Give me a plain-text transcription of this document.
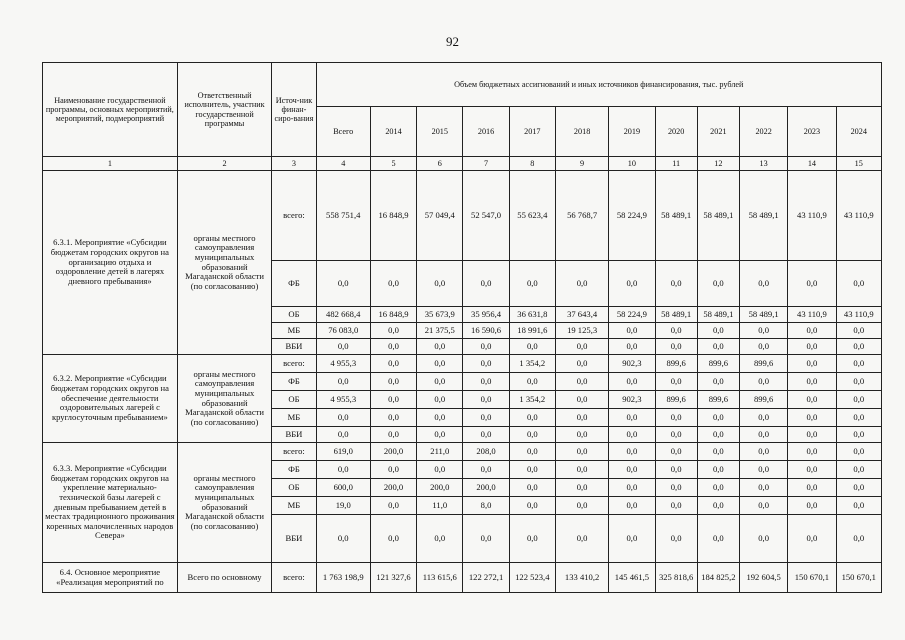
92
Наименование государственной программы, основных мероприятий, мероприятий, подмероприятий	Ответственный исполнитель, участник государственной программы	Источ-ник финан-сиро-вания	Объем бюджетных ассигнований и иных источников финансирования, тыс. рублей											
			Всего	2014	2015	2016	2017	2018	2019	2020	2021	2022	2023	2024
1	2	3	4	5	6	7	8	9	10	11	12	13	14	15
6.3.1. Мероприятие «Субсидии бюджетам городских округов на организацию отдыха и оздоровление детей в лагерях дневного пребывания»	органы местного самоуправления муниципальных образований Магаданской области (по согласованию)	всего:	558 751,4	16 848,9	57 049,4	52 547,0	55 623,4	56 768,7	58 224,9	58 489,1	58 489,1	58 489,1	43 110,9	43 110,9
		ФБ	0,0	0,0	0,0	0,0	0,0	0,0	0,0	0,0	0,0	0,0	0,0	0,0
		ОБ	482 668,4	16 848,9	35 673,9	35 956,4	36 631,8	37 643,4	58 224,9	58 489,1	58 489,1	58 489,1	43 110,9	43 110,9
		МБ	76 083,0	0,0	21 375,5	16 590,6	18 991,6	19 125,3	0,0	0,0	0,0	0,0	0,0	0,0
		ВБИ	0,0	0,0	0,0	0,0	0,0	0,0	0,0	0,0	0,0	0,0	0,0	0,0
6.3.2. Мероприятие «Субсидии бюджетам городских округов на обеспечение деятельности оздоровительных лагерей с круглосуточным пребыванием»	органы местного самоуправления муниципальных образований Магаданской области (по согласованию)	всего:	4 955,3	0,0	0,0	0,0	1 354,2	0,0	902,3	899,6	899,6	899,6	0,0	0,0
		ФБ	0,0	0,0	0,0	0,0	0,0	0,0	0,0	0,0	0,0	0,0	0,0	0,0
		ОБ	4 955,3	0,0	0,0	0,0	1 354,2	0,0	902,3	899,6	899,6	899,6	0,0	0,0
		МБ	0,0	0,0	0,0	0,0	0,0	0,0	0,0	0,0	0,0	0,0	0,0	0,0
		ВБИ	0,0	0,0	0,0	0,0	0,0	0,0	0,0	0,0	0,0	0,0	0,0	0,0
6.3.3. Мероприятие «Субсидии бюджетам городских округов на укрепление материально-технической базы лагерей с дневным пребыванием детей в местах традиционного проживания коренных малочисленных народов Севера»	органы местного самоуправления муниципальных образований Магаданской области (по согласованию)	всего:	619,0	200,0	211,0	208,0	0,0	0,0	0,0	0,0	0,0	0,0	0,0	0,0
		ФБ	0,0	0,0	0,0	0,0	0,0	0,0	0,0	0,0	0,0	0,0	0,0	0,0
		ОБ	600,0	200,0	200,0	200,0	0,0	0,0	0,0	0,0	0,0	0,0	0,0	0,0
		МБ	19,0	0,0	11,0	8,0	0,0	0,0	0,0	0,0	0,0	0,0	0,0	0,0
		ВБИ	0,0	0,0	0,0	0,0	0,0	0,0	0,0	0,0	0,0	0,0	0,0	0,0
6.4. Основное мероприятие «Реализация мероприятий по	Всего по основному	всего:	1 763 198,9	121 327,6	113 615,6	122 272,1	122 523,4	133 410,2	145 461,5	325 818,6	184 825,2	192 604,5	150 670,1	150 670,1
